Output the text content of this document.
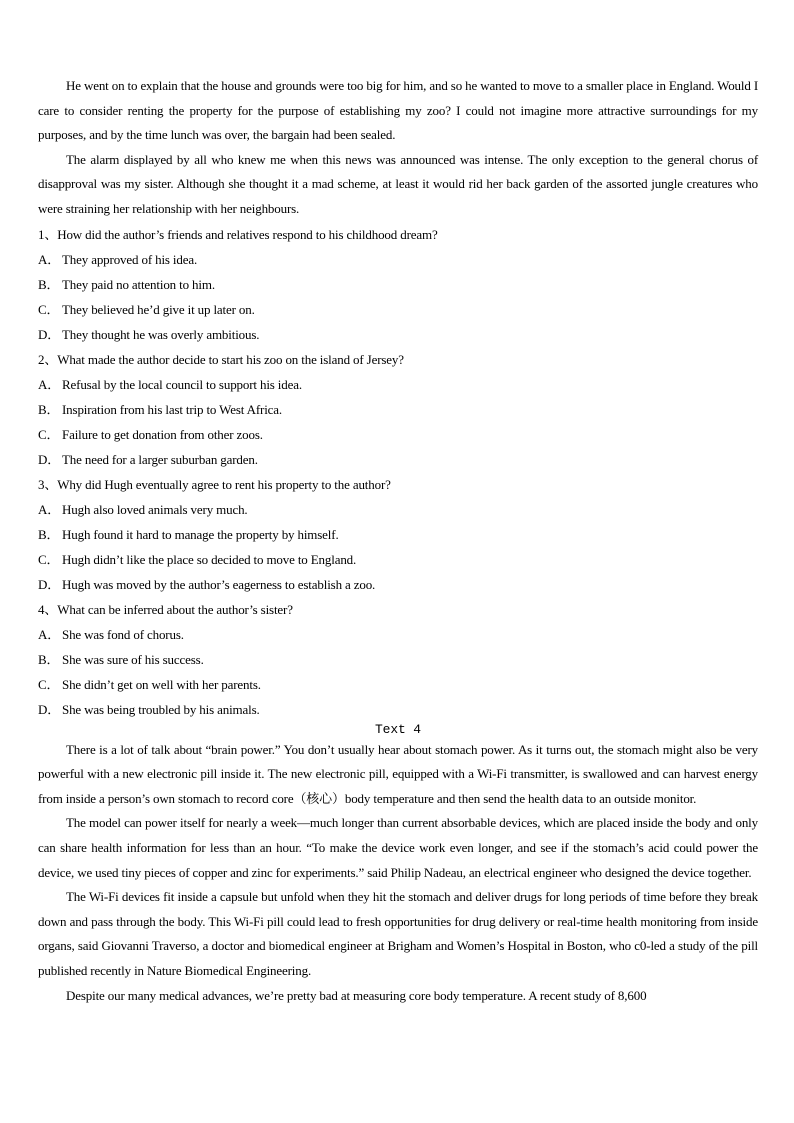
He went on to explain that the house and grounds were too big for him, and so he wanted to move to a smaller place in England. Would I care to consider renting the property for the purpose of establishing my zoo? I could not imagine more attractive surroundings for my purposes, and by the time lunch was over, the bargain had been sealed.

The alarm displayed by all who knew me when this news was announced was intense. The only exception to the general chorus of disapproval was my sister. Although she thought it a mad scheme, at least it would rid her back garden of the assorted jungle creatures who were straining her relationship with her neighbours.

1、How did the author’s friends and relatives respond to his childhood dream?

A． They approved of his idea.

B． They paid no attention to him.

C． They believed he’d give it up later on.

D． They thought he was overly ambitious.

2、What made the author decide to start his zoo on the island of Jersey?

A． Refusal by the local council to support his idea.

B． Inspiration from his last trip to West Africa.

C． Failure to get donation from other zoos.

D． The need for a larger suburban garden.

3、Why did Hugh eventually agree to rent his property to the author?

A． Hugh also loved animals very much.

B． Hugh found it hard to manage the property by himself.

C． Hugh didn’t like the place so decided to move to England.

D． Hugh was moved by the author’s eagerness to establish a zoo.

4、What can be inferred about the author’s sister?

A． She was fond of chorus.

B． She was sure of his success.

C． She didn’t get on well with her parents.

D． She was being troubled by his animals.

Text 4

There is a lot of talk about “brain power.” You don’t usually hear about stomach power. As it turns out, the stomach might also be very powerful with a new electronic pill inside it. The new electronic pill, equipped with a Wi-Fi transmitter, is swallowed and can harvest energy from inside a person’s own stomach to record core（核心）body temperature and then send the health data to an outside monitor.

The model can power itself for nearly a week—much longer than current absorbable devices, which are placed inside the body and only can share health information for less than an hour. “To make the device work even longer, and see if the stomach’s acid could power the device, we used tiny pieces of copper and zinc for experiments.” said Philip Nadeau, an electrical engineer who designed the device together.

The Wi-Fi devices fit inside a capsule but unfold when they hit the stomach and deliver drugs for long periods of time before they break down and pass through the body. This Wi-Fi pill could lead to fresh opportunities for drug delivery or real-time health monitoring from inside organs, said Giovanni Traverso, a doctor and biomedical engineer at Brigham and Women’s Hospital in Boston, who c0-led a study of the pill published recently in Nature Biomedical Engineering.

Despite our many medical advances, we’re pretty bad at measuring core body temperature. A recent study of 8,600
